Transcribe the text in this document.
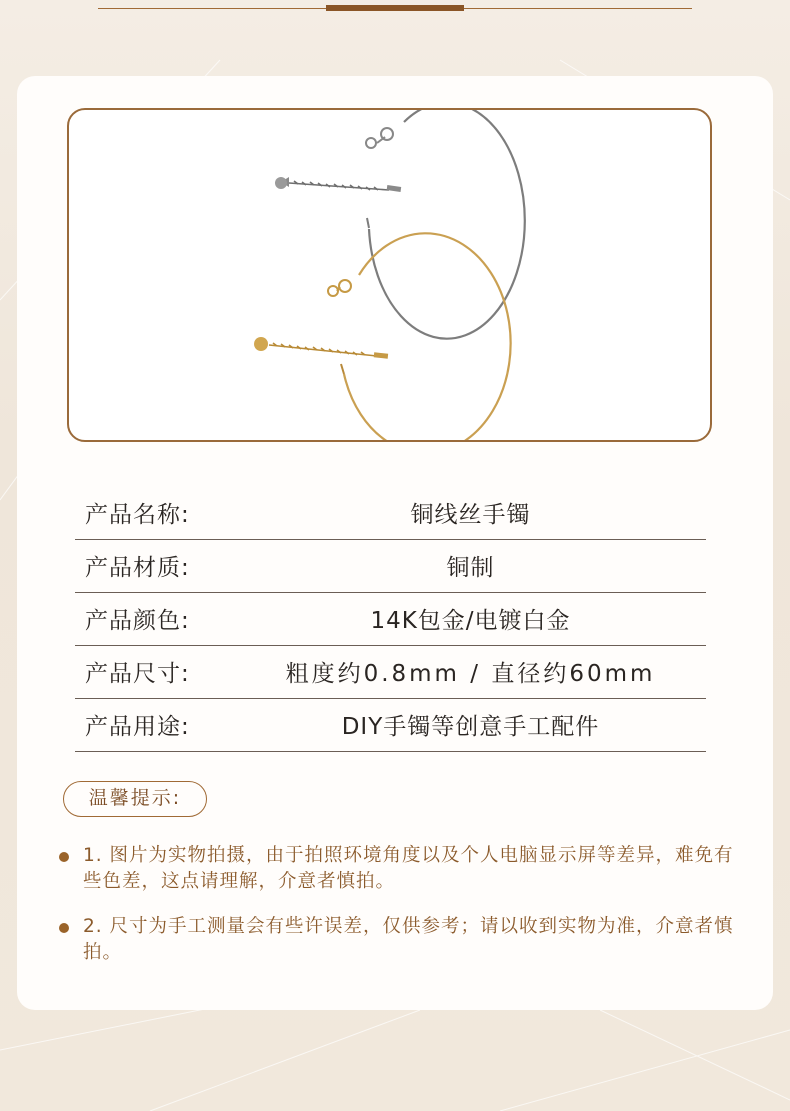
产品名称:	铜线丝手镯
产品材质:	铜制
产品颜色:	14K包金/电镀白金
产品尺寸:	粗度约0.8mm / 直径约60mm
产品用途:	DIY手镯等创意手工配件
温馨提示:
1. 图片为实物拍摄，由于拍照环境角度以及个人电脑显示屏等差异，难免有些色差，这点请理解，介意者慎拍。
2. 尺寸为手工测量会有些许误差，仅供参考；请以收到实物为准，介意者慎拍。
